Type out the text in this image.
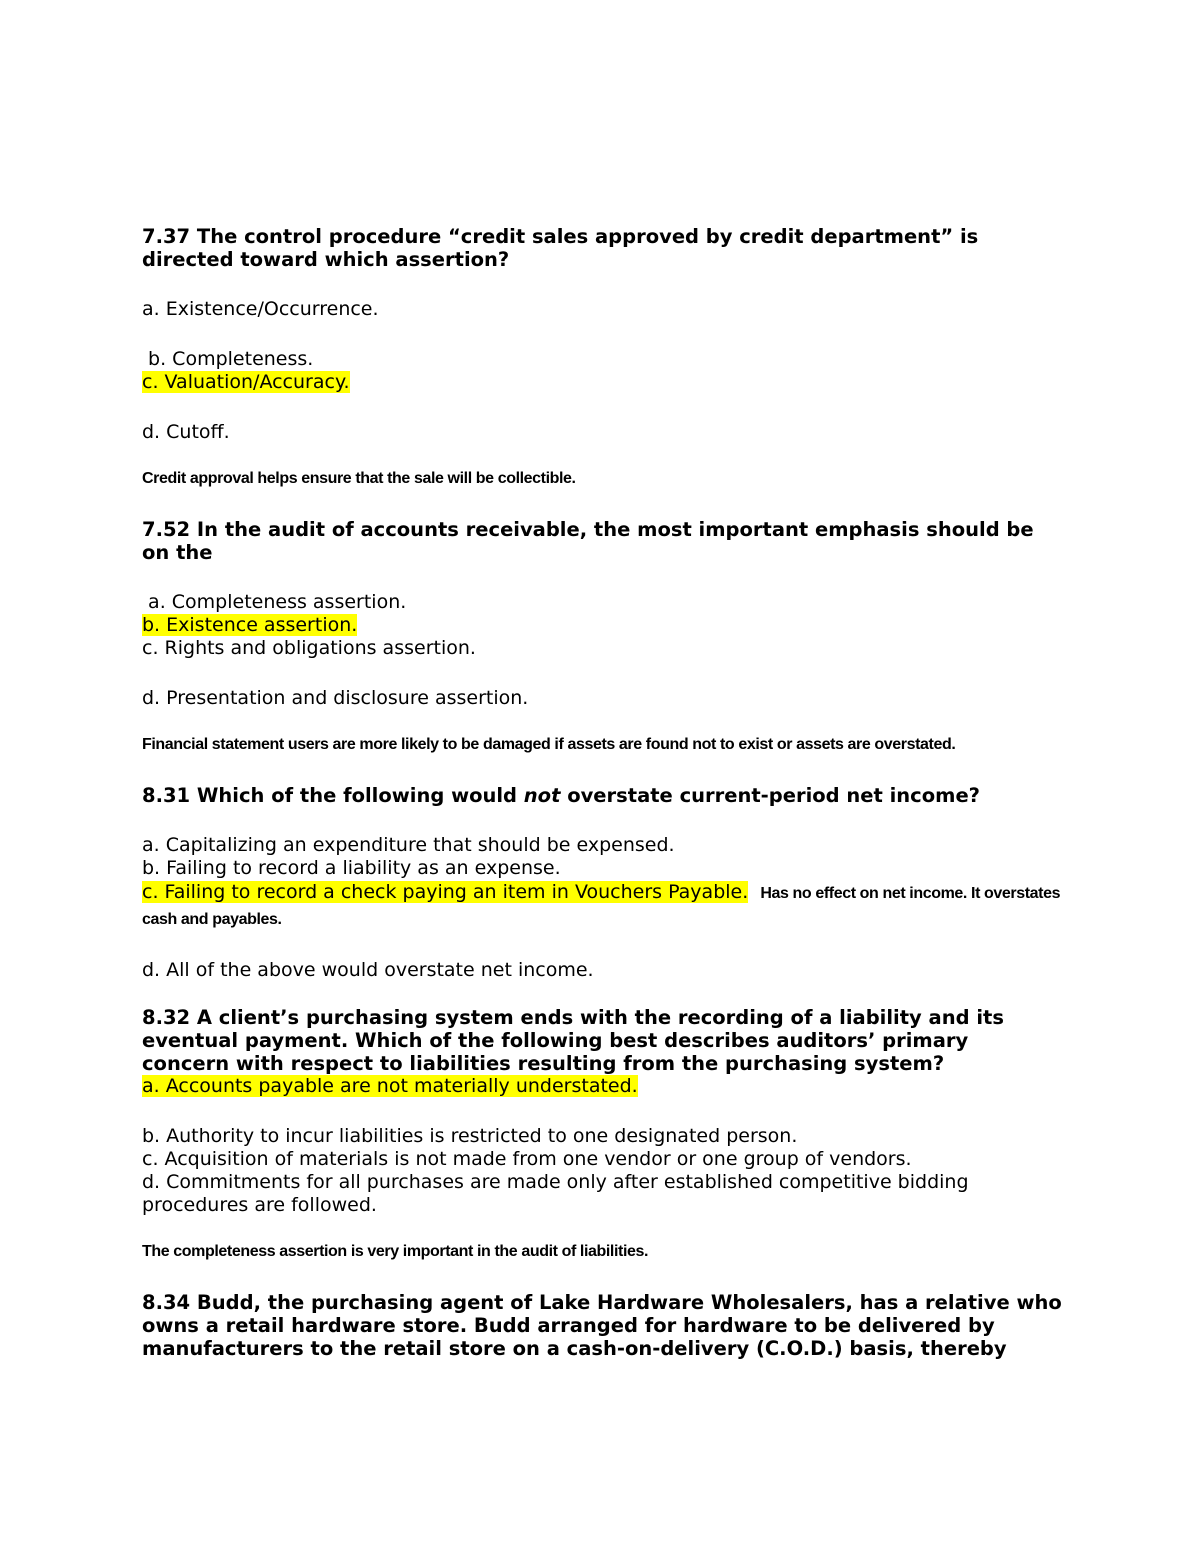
7.37 The control procedure “credit sales approved by credit department” is directed toward which assertion?
a. Existence/Occurrence.
b. Completeness.
c. Valuation/Accuracy.
d. Cutoff.
Credit approval helps ensure that the sale will be collectible.
7.52 In the audit of accounts receivable, the most important emphasis should be on the
a. Completeness assertion.
b. Existence assertion.
c. Rights and obligations assertion.
d. Presentation and disclosure assertion.
Financial statement users are more likely to be damaged if assets are found not to exist or assets are overstated.
8.31 Which of the following would not overstate current-period net income?
a. Capitalizing an expenditure that should be expensed.
b. Failing to record a liability as an expense.
c. Failing to record a check paying an item in Vouchers Payable. Has no effect on net income. It overstates cash and payables.
d. All of the above would overstate net income.
8.32 A client’s purchasing system ends with the recording of a liability and its eventual payment. Which of the following best describes auditors’ primary concern with respect to liabilities resulting from the purchasing system?
a. Accounts payable are not materially understated.
b. Authority to incur liabilities is restricted to one designated person.
c. Acquisition of materials is not made from one vendor or one group of vendors.
d. Commitments for all purchases are made only after established competitive bidding procedures are followed.
The completeness assertion is very important in the audit of liabilities.
8.34 Budd, the purchasing agent of Lake Hardware Wholesalers, has a relative who owns a retail hardware store. Budd arranged for hardware to be delivered by manufacturers to the retail store on a cash-on-delivery (C.O.D.) basis, thereby
